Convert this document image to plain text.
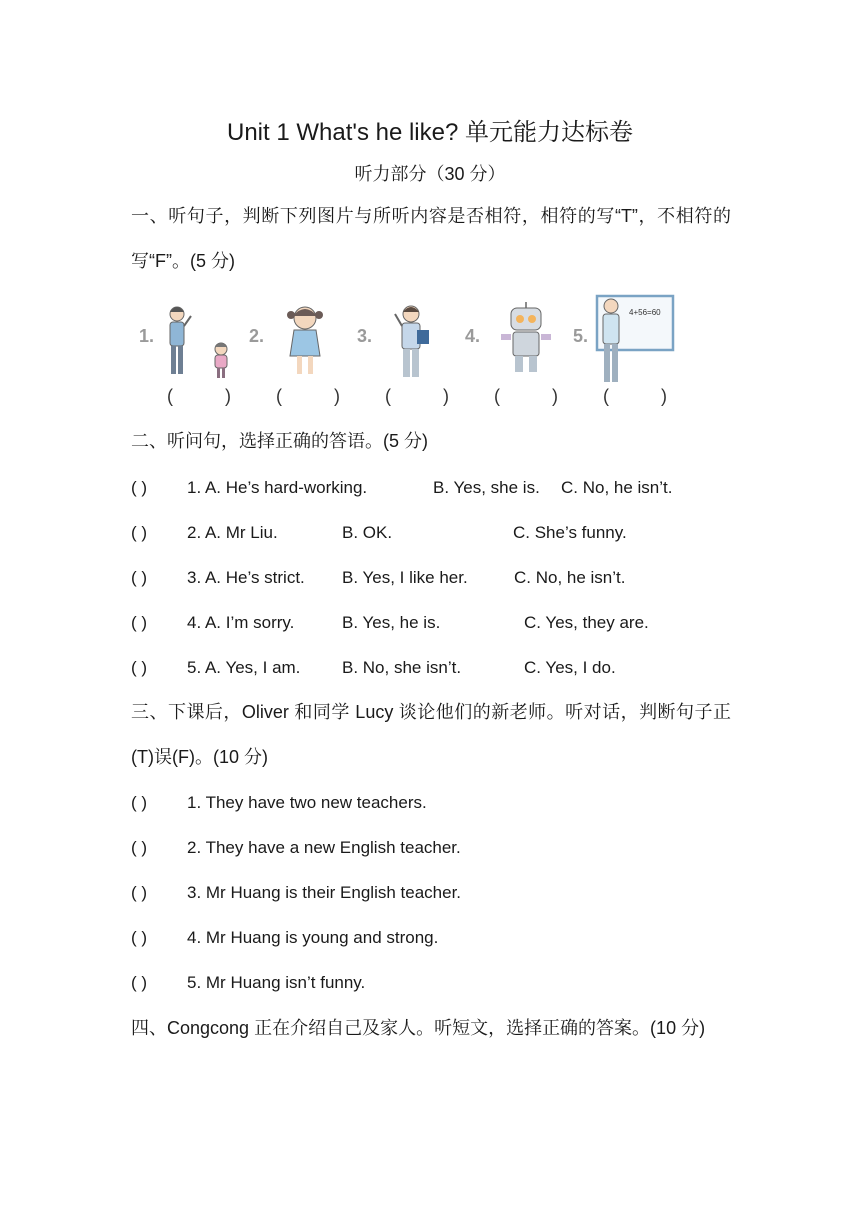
Unit 1 What's he like? 单元能力达标卷
听力部分（30 分）
一、听句子，判断下列图片与所听内容是否相符，相符的写“T”，不相符的写“F”。(5 分)
1.	2.	3.	4.	5.
4+56=60
(	)	(	)	(	)	(	)	(	)
二、听问句，选择正确的答语。(5 分)
( ) 1. A. He’s hard-working.	B. Yes, she is. C. No, he isn’t.
( ) 2. A. Mr Liu.	B. OK.	C. She’s funny.
( ) 3. A. He’s strict. B. Yes, I like her.	C. No, he isn’t.
( ) 4. A. I’m sorry.	B. Yes, he is.	C. Yes, they are.
( ) 5. A. Yes, I am. B. No, she isn’t.	C. Yes, I do.
三、下课后，Oliver 和同学 Lucy 谈论他们的新老师。听对话，判断句子正(T)误(F)。(10 分)
( ) 1. They have two new teachers.
( ) 2. They have a new English teacher.
( ) 3. Mr Huang is their English teacher.
( ) 4. Mr Huang is young and strong.
( ) 5. Mr Huang isn’t funny.
四、Congcong 正在介绍自己及家人。听短文，选择正确的答案。(10 分)
